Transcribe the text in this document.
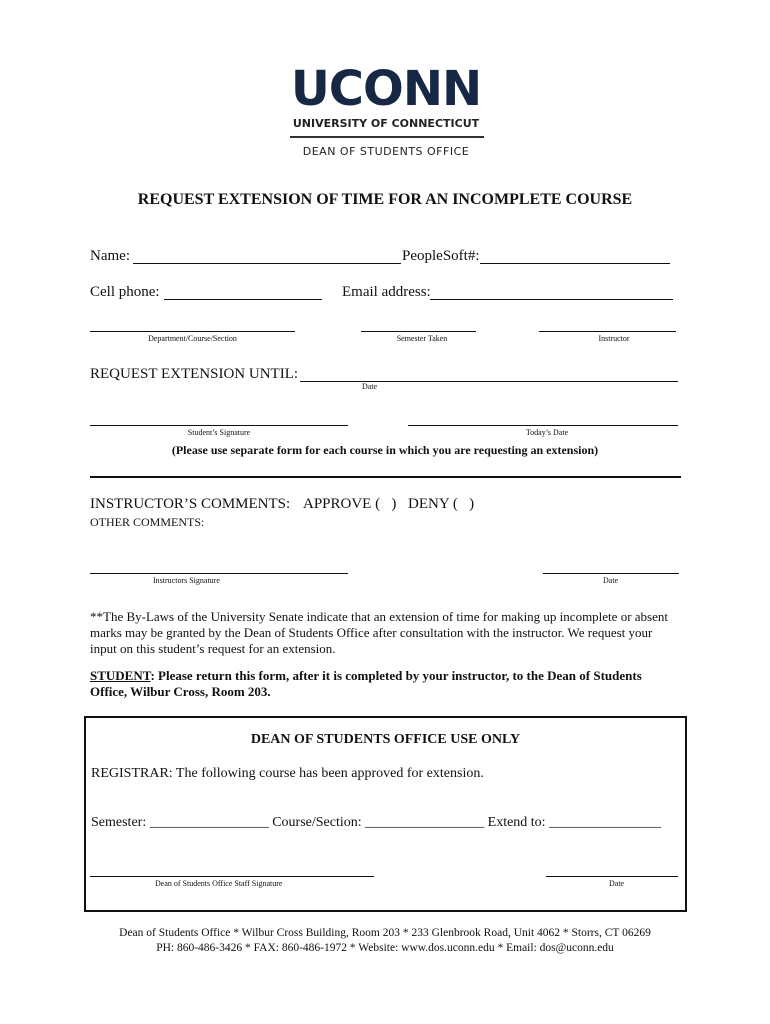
UCONN
UNIVERSITY OF CONNECTICUT
DEAN OF STUDENTS OFFICE
REQUEST EXTENSION OF TIME FOR AN INCOMPLETE COURSE
Name:	PeopleSoft#:
Cell phone:	Email address:
Department/Course/Section	Semester Taken	Instructor
REQUEST EXTENSION UNTIL:
Date
Student’s Signature	Today’s Date
(Please use separate form for each course in which you are requesting an extension)
INSTRUCTOR’S COMMENTS: APPROVE (   ) DENY (   )
OTHER COMMENTS:
Instructors Signature	Date
**The By-Laws of the University Senate indicate that an extension of time for making up incomplete or absent marks may be granted by the Dean of Students Office after consultation with the instructor. We request your input on this student’s request for an extension.
STUDENT: Please return this form, after it is completed by your instructor, to the Dean of Students Office, Wilbur Cross, Room 203.
DEAN OF STUDENTS OFFICE USE ONLY
REGISTRAR: The following course has been approved for extension.
Semester: _________________ Course/Section: _________________ Extend to: ________________
Dean of Students Office Staff Signature	Date
Dean of Students Office * Wilbur Cross Building, Room 203 * 233 Glenbrook Road, Unit 4062 * Storrs, CT 06269
PH: 860-486-3426 * FAX: 860-486-1972 * Website: www.dos.uconn.edu * Email: dos@uconn.edu
